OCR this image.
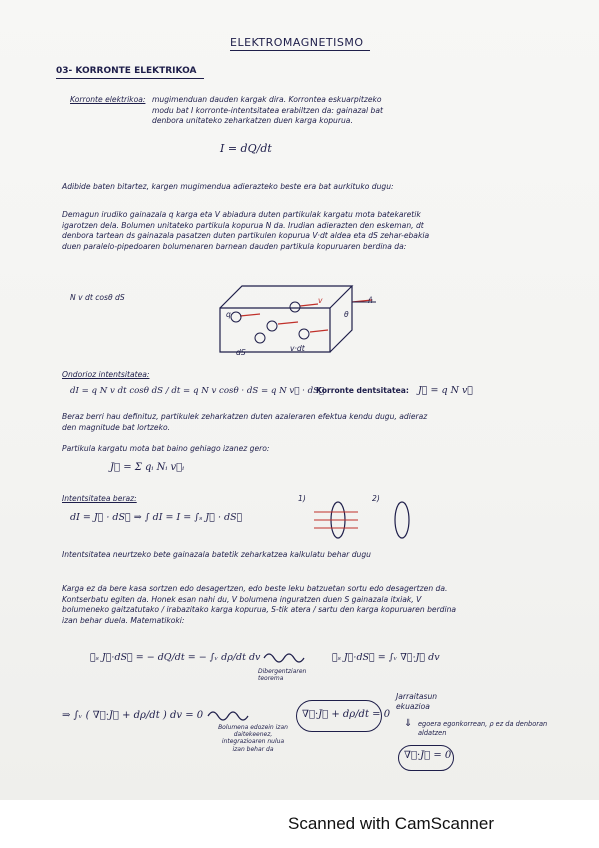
ELEKTROMAGNETISMO
03- KORRONTE ELEKTRIKOA
Korronte elektrikoa: mugimenduan dauden kargak dira. Korrontea eskuarpitzeko modu bat I korronte-intentsitatea erabiltzen da: gainazal bat denbora unitateko zeharkatzen duen karga kopurua.
I = dQ/dt
Adibide baten bitartez, kargen mugimendua adierazteko beste era bat aurkituko dugu:
Demagun irudiko gainazala q karga eta V abiadura duten partikulak kargatu mota batekaretik igarotzen dela. Bolumen unitateko partikula kopurua N da. Irudian adierazten den eskeman, dt denbora tartean ds gainazala pasatzen duten partikulen kopurua V·dt aldea eta dS zehar-ebakia duen paralelo-pipedoaren bolumenaren barnean dauden partikula kopuruaren berdina da:
N v dt cosθ dS
q
v	n̂
θ
v·dt
dS
Ondorioz intentsitatea:
dI = q N v dt cosθ dS / dt = q N v cosθ · dS = q N v⃗ · dS⃗
Korronte dentsitatea: J⃗ = q N v⃗
Beraz berri hau definituz, partikulek zeharkatzen duten azaleraren efektua kendu dugu, adieraz den magnitude bat lortzeko.
Partikula kargatu mota bat baino gehiago izanez gero:
J⃗ = Σ qᵢ Nᵢ v⃗ᵢ
Intentsitatea beraz:
dI = J⃗ · dS⃗ ⇒ ∫ dI = I = ∫ₛ J⃗ · dS⃗
1)	2)
Intentsitatea neurtzeko bete gainazala batetik zeharkatzea kalkulatu behar dugu
Karga ez da bere kasa sortzen edo desagertzen, edo beste leku batzuetan sortu edo desagertzen da. Kontserbatu egiten da. Honek esan nahi du, V bolumena inguratzen duen S gainazala itxiak, V bolumeneko gaitzatutako / irabazitako karga kopurua, S-tik atera / sartu den karga kopuruaren berdina izan behar duela. Matematikoki:
∮ₛ J⃗·dS⃗ = − dQ/dt = − ∫ᵥ dρ/dt dv
Dibergentziaren teorema
∮ₛ J⃗·dS⃗ = ∫ᵥ ∇⃗·J⃗ dv
⇒ ∫ᵥ ( ∇⃗·J⃗ + dρ/dt ) dv = 0
Bolumena edozein izan daitekeenez, integrazioaren nulua izan behar da
∇⃗·J⃗ + dρ/dt = 0
Jarraitasun ekuazioa
⇓ egoera egonkorrean, ρ ez da denboran aldatzen
∇⃗·J⃗ = 0
Scanned with CamScanner
